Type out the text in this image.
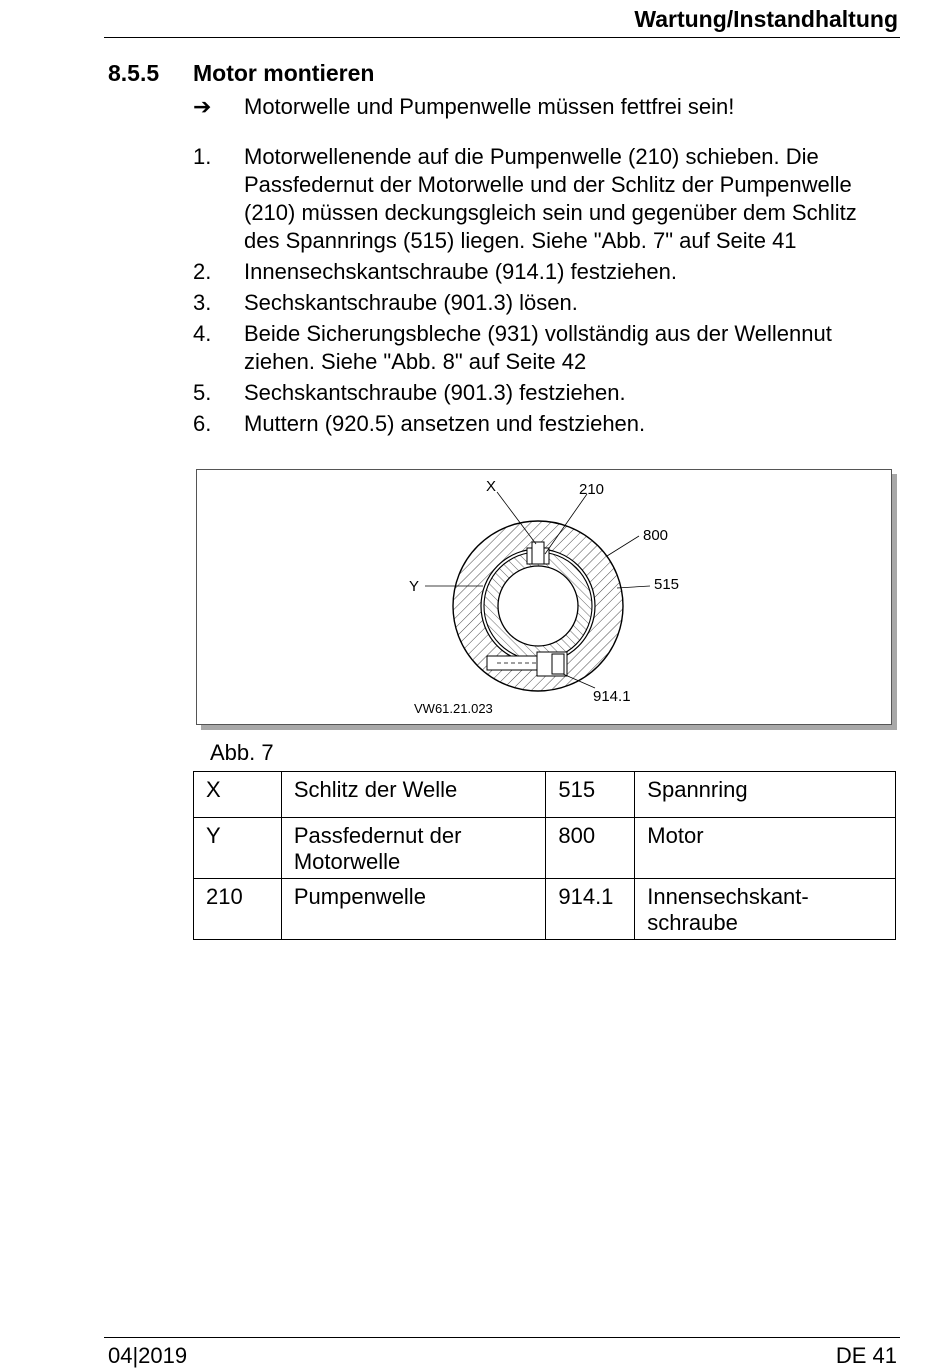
Wartung/Instandhaltung
8.5.5 Motor montieren
➔ Motorwelle und Pumpenwelle müssen fettfrei sein!
1.	Motorwellenende auf die Pumpenwelle (210) schieben. Die Passfedernut der Motorwelle und der Schlitz der Pumpenwelle (210) müssen deckungsgleich sein und gegenüber dem Schlitz des Spannrings (515) liegen. Siehe "Abb. 7" auf Seite 41
2.	Innensechskantschraube (914.1) festziehen.
3.	Sechskantschraube (901.3) lösen.
4.	Beide Sicherungsbleche (931) vollständig aus der Wellennut ziehen. Siehe "Abb. 8" auf Seite 42
5.	Sechskantschraube (901.3) festziehen.
6.	Muttern (920.5) ansetzen und festziehen.
X	210
800
Y	515
914.1
VW61.21.023
Abb. 7
X	Schlitz der Welle	515	Spannring
Y	Passfedernut der Motorwelle	800	Motor
210	Pumpenwelle	914.1	Innensechskant-schraube
04|2019	DE 41
